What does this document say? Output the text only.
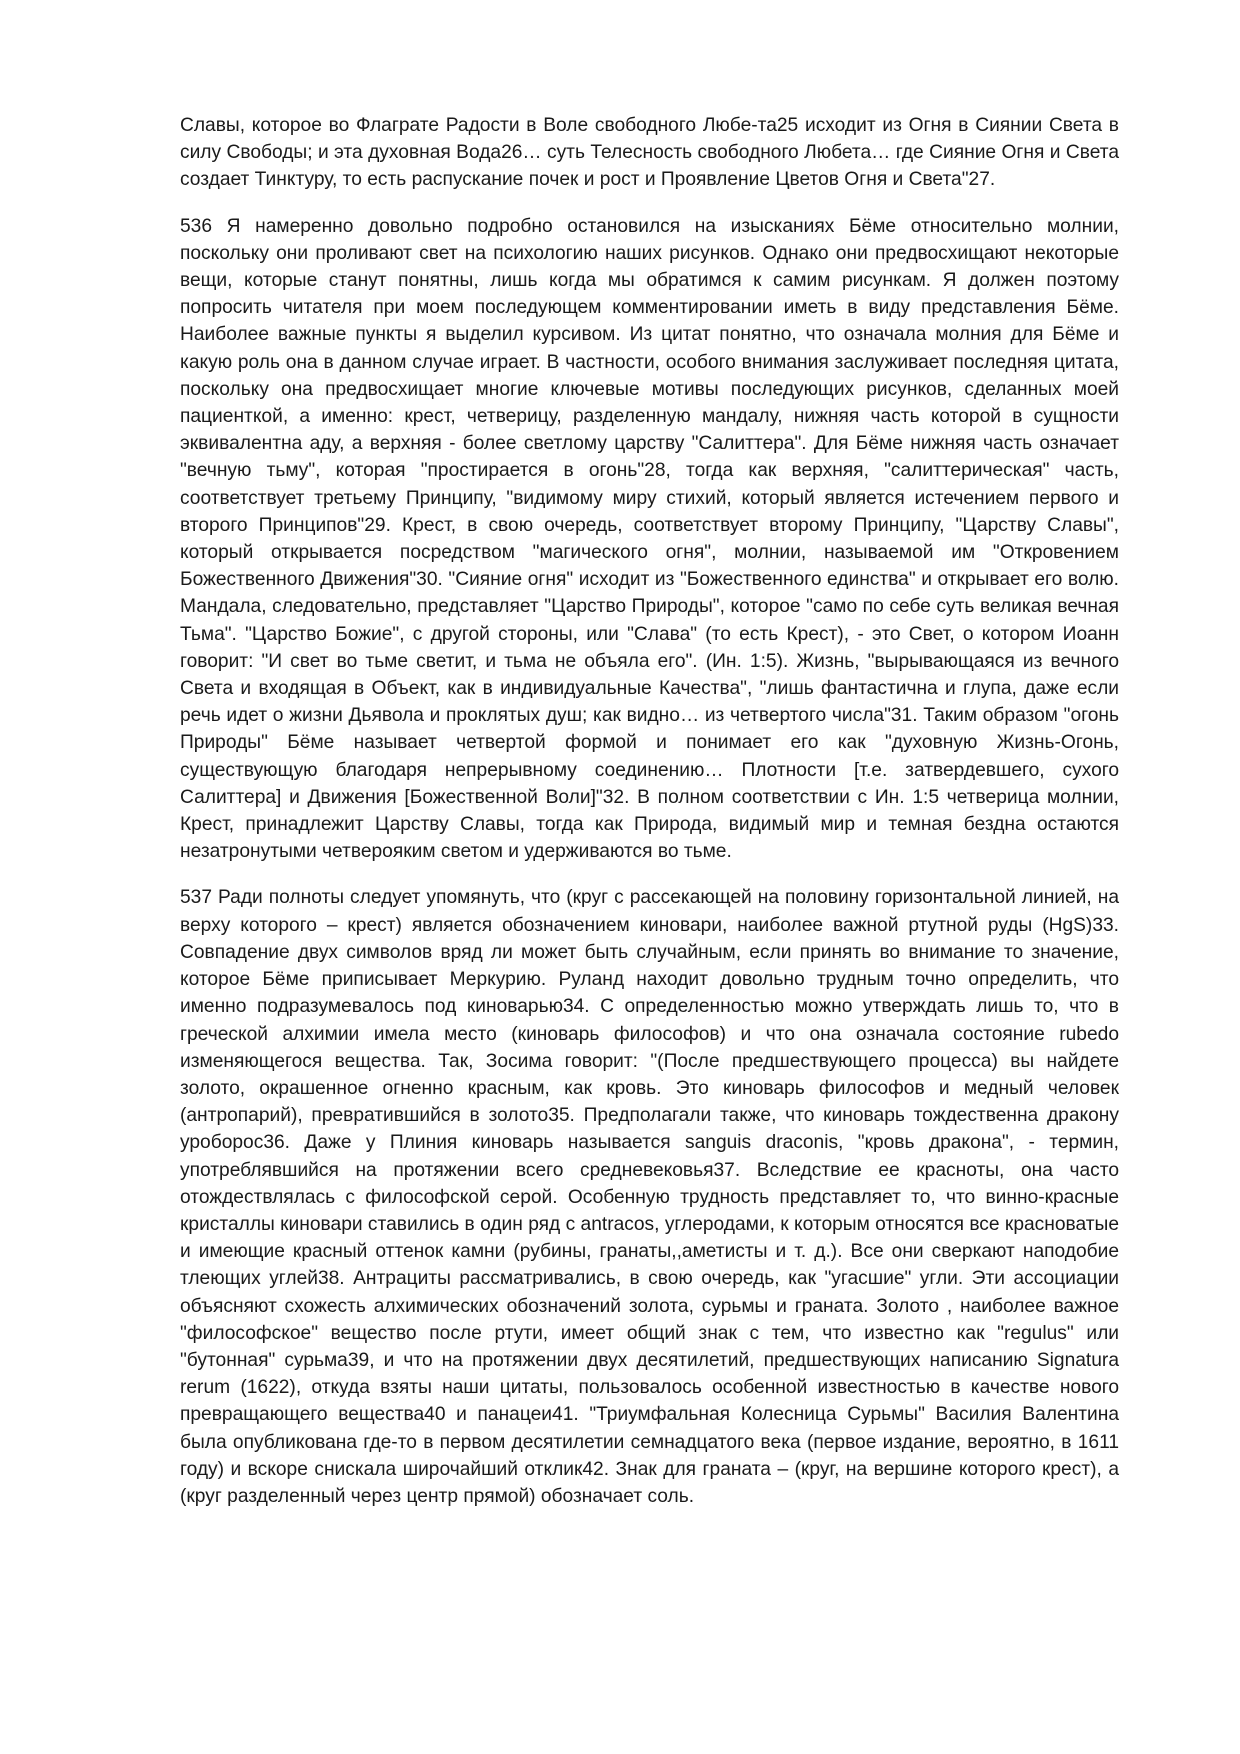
Славы, которое во Флаграте Радости в Воле свободного Любе-та25 исходит из Огня в Сиянии Света в силу Свободы; и эта духовная Вода26… суть Телесность свободного Любета… где Сияние Огня и Света создает Тинктуру, то есть распускание почек и рост и Проявление Цветов Огня и Света"27.

536 Я намеренно довольно подробно остановился на изысканиях Бёме относительно молнии, поскольку они проливают свет на психологию наших рисунков. Однако они предвосхищают некоторые вещи, которые станут понятны, лишь когда мы обратимся к самим рисункам. Я должен поэтому попросить читателя при моем последующем комментировании иметь в виду представления Бёме. Наиболее важные пункты я выделил курсивом. Из цитат понятно, что означала молния для Бёме и какую роль она в данном случае играет. В частности, особого внимания заслуживает последняя цитата, поскольку она предвосхищает многие ключевые мотивы последующих рисунков, сделанных моей пациенткой, а именно: крест, четверицу, разделенную мандалу, нижняя часть которой в сущности эквивалентна аду, а верхняя - более светлому царству "Салиттера". Для Бёме нижняя часть означает "вечную тьму", которая "простирается в огонь"28, тогда как верхняя, "салиттерическая" часть, соответствует третьему Принципу, "видимому миру стихий, который является истечением первого и второго Принципов"29. Крест, в свою очередь, соответствует второму Принципу, "Царству Славы", который открывается посредством "магического огня", молнии, называемой им "Откровением Божественного Движения"30. "Сияние огня" исходит из "Божественного единства" и открывает его волю. Мандала, следовательно, представляет "Царство Природы", которое "само по себе суть великая вечная Тьма". "Царство Божие", с другой стороны, или "Слава" (то есть Крест), - это Свет, о котором Иоанн говорит: "И свет во тьме светит, и тьма не объяла его". (Ин. 1:5). Жизнь, "вырывающаяся из вечного Света и входящая в Объект, как в индивидуальные Качества", "лишь фантастична и глупа, даже если речь идет о жизни Дьявола и проклятых душ; как видно… из четвертого числа"31. Таким образом "огонь Природы" Бёме называет четвертой формой и понимает его как "духовную Жизнь-Огонь, существующую благодаря непрерывному соединению… Плотности [т.е. затвердевшего, сухого Салиттера] и Движения [Божественной Воли]"32. В полном соответствии с Ин. 1:5 четверица молнии, Крест, принадлежит Царству Славы, тогда как Природа, видимый мир и темная бездна остаются незатронутыми четверояким светом и удерживаются во тьме.

537 Ради полноты следует упомянуть, что (круг с рассекающей на половину горизонтальной линией, на верху которого – крест) является обозначением киновари, наиболее важной ртутной руды (HgS)33. Совпадение двух символов вряд ли может быть случайным, если принять во внимание то значение, которое Бёме приписывает Меркурию. Руланд находит довольно трудным точно определить, что именно подразумевалось под киноварью34. С определенностью можно утверждать лишь то, что в греческой алхимии имела место (киноварь философов) и что она означала состояние rubedo изменяющегося вещества. Так, Зосима говорит: "(После предшествующего процесса) вы найдете золото, окрашенное огненно красным, как кровь. Это киноварь философов и медный человек (антропарий), превратившийся в золото35. Предполагали также, что киноварь тождественна дракону уроборос36. Даже у Плиния киноварь называется sanguis draconis, "кровь дракона", - термин, употреблявшийся на протяжении всего средневековья37. Вследствие ее красноты, она часто отождествлялась с философской серой. Особенную трудность представляет то, что винно-красные кристаллы киновари ставились в один ряд с antracos, углеродами, к которым относятся все красноватые и имеющие красный оттенок камни (рубины, гранаты,,аметисты и т. д.). Все они сверкают наподобие тлеющих углей38. Антрациты рассматривались, в свою очередь, как "угасшие" угли. Эти ассоциации объясняют схожесть алхимических обозначений золота, сурьмы и граната. Золото , наиболее важное "философское" вещество после ртути, имеет общий знак с тем, что известно как "regulus" или "бутонная" сурьма39, и что на протяжении двух десятилетий, предшествующих написанию Signatura rerum (1622), откуда взяты наши цитаты, пользовалось особенной известностью в качестве нового превращающего вещества40 и панацеи41. "Триумфальная Колесница Сурьмы" Василия Валентина была опубликована где-то в первом десятилетии семнадцатого века (первое издание, вероятно, в 1611 году) и вскоре снискала широчайший отклик42. Знак для граната – (круг, на вершине которого крест), а (круг разделенный через центр прямой) обозначает соль.
